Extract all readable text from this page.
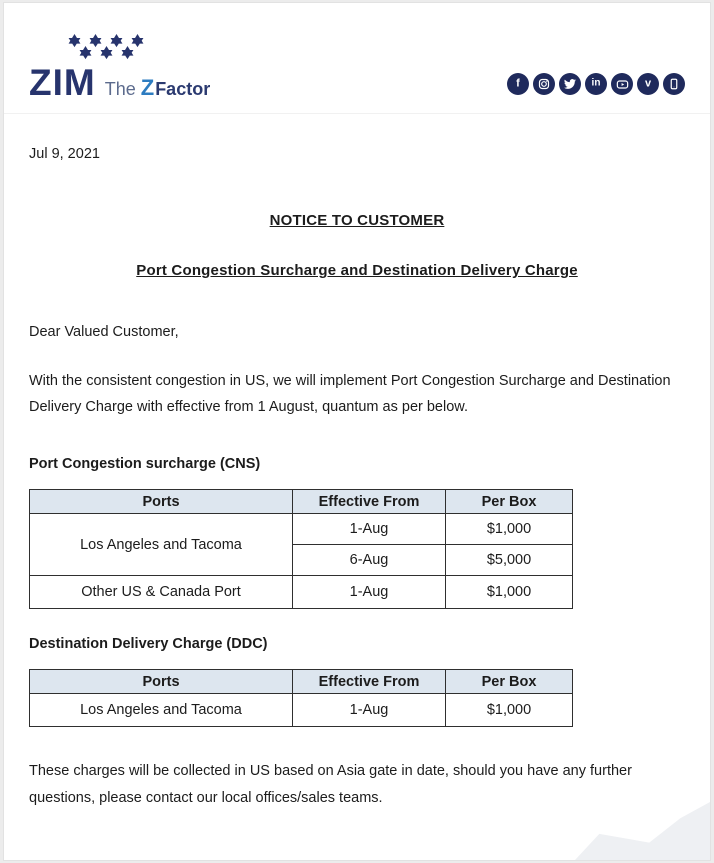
ZIM The Z Factor	f	in	v
Jul 9, 2021
NOTICE TO CUSTOMER
Port Congestion Surcharge and Destination Delivery Charge
Dear Valued Customer,
With the consistent congestion in US, we will implement Port Congestion Surcharge and Destination Delivery Charge with effective from 1 August, quantum as per below.
Port Congestion surcharge (CNS)
Ports	Effective From	Per Box
Los Angeles and Tacoma	1-Aug	$1,000
	6-Aug	$5,000
Other US & Canada Port	1-Aug	$1,000
Destination Delivery Charge (DDC)
Ports	Effective From	Per Box
Los Angeles and Tacoma	1-Aug	$1,000
These charges will be collected in US based on Asia gate in date, should you have any further questions, please contact our local offices/sales teams.
